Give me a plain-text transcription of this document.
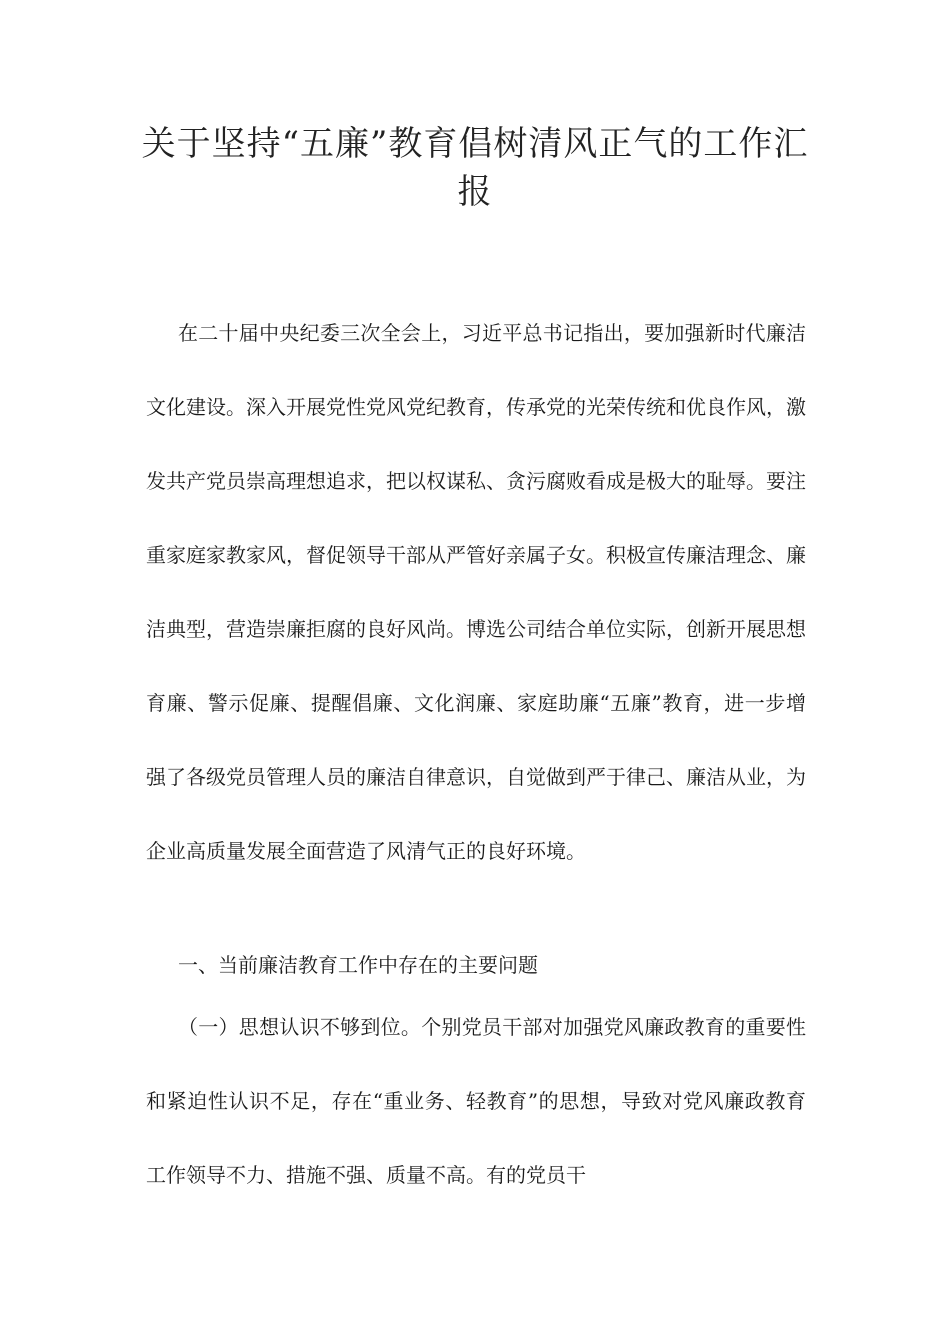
关于坚持“五廉”教育倡树清风正气的工作汇报
在二十届中央纪委三次全会上，习近平总书记指出，要加强新时代廉洁文化建设。深入开展党性党风党纪教育，传承党的光荣传统和优良作风，激发共产党员崇高理想追求，把以权谋私、贪污腐败看成是极大的耻辱。要注重家庭家教家风，督促领导干部从严管好亲属子女。积极宣传廉洁理念、廉洁典型，营造崇廉拒腐的良好风尚。博选公司结合单位实际，创新开展思想育廉、警示促廉、提醒倡廉、文化润廉、家庭助廉“五廉”教育，进一步增强了各级党员管理人员的廉洁自律意识，自觉做到严于律己、廉洁从业，为企业高质量发展全面营造了风清气正的良好环境。
一、当前廉洁教育工作中存在的主要问题
（一）思想认识不够到位。个别党员干部对加强党风廉政教育的重要性和紧迫性认识不足，存在“重业务、轻教育”的思想，导致对党风廉政教育工作领导不力、措施不强、质量不高。有的党员干
